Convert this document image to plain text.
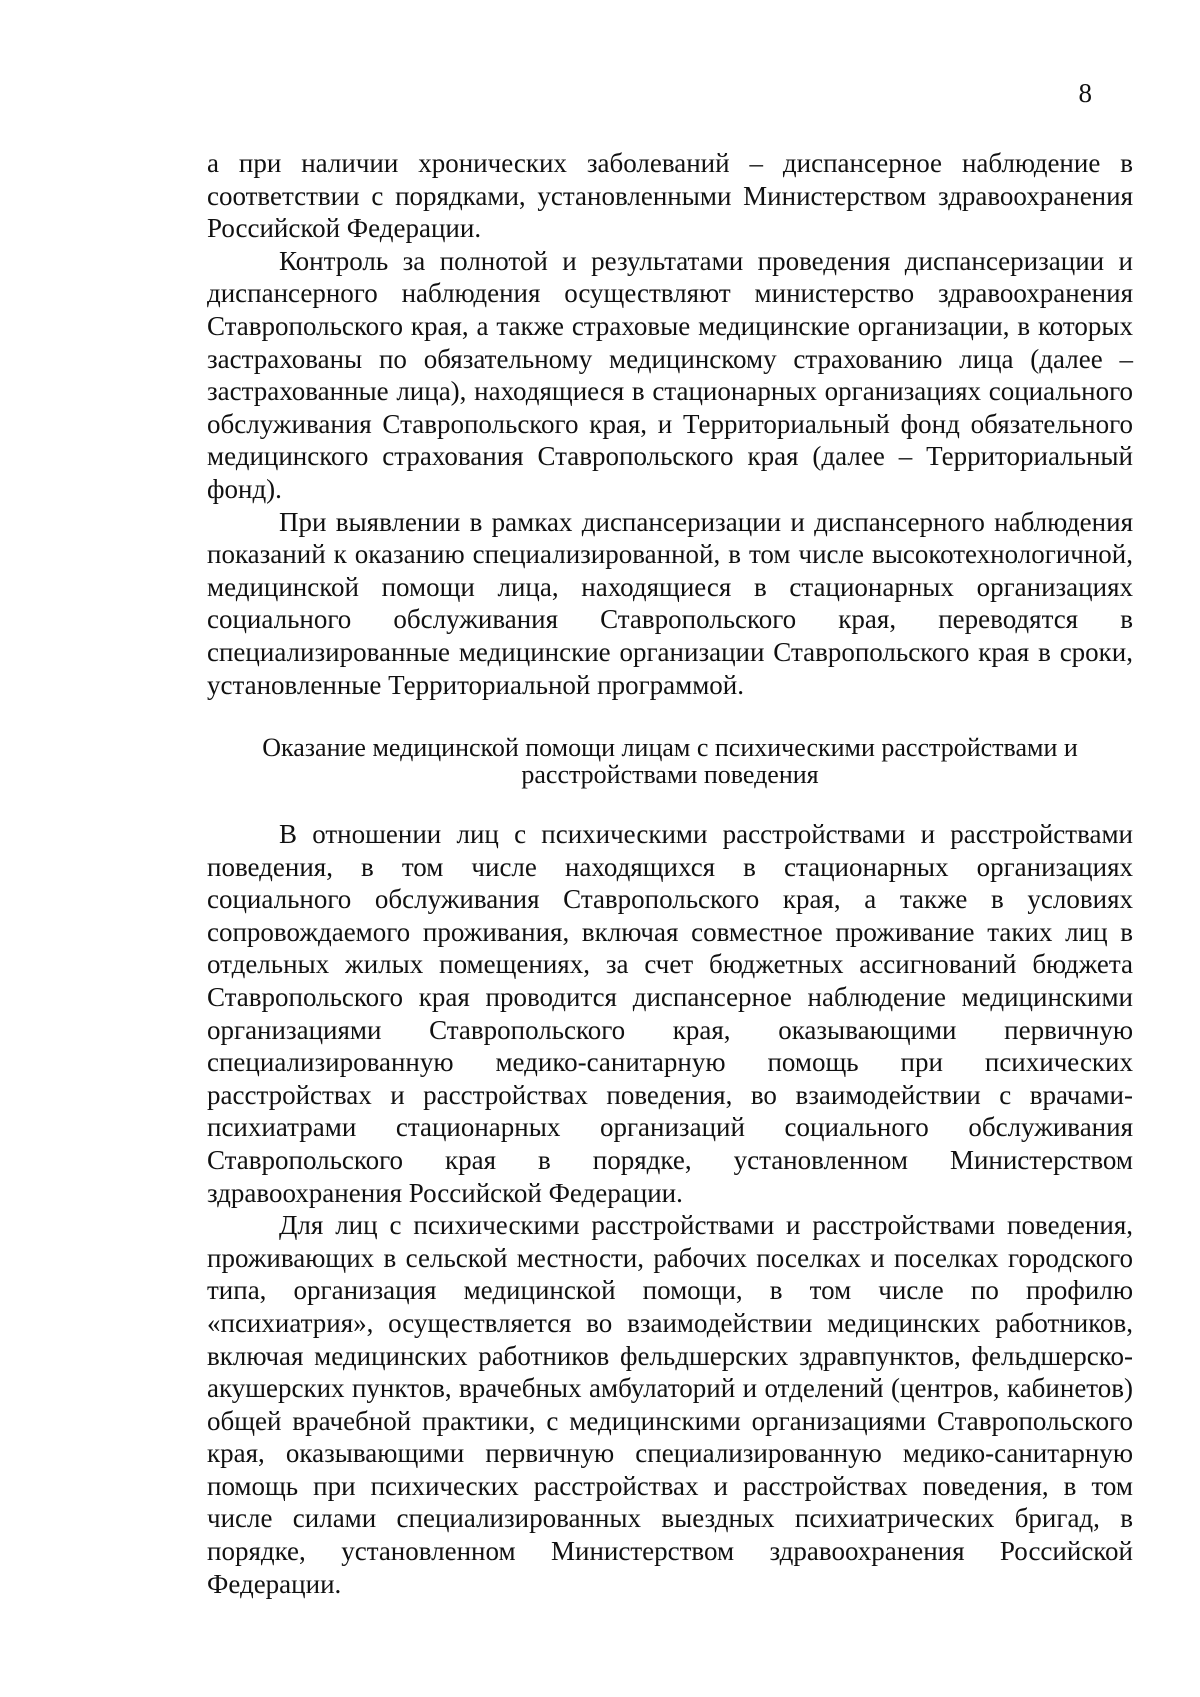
8

а при наличии хронических заболеваний – диспансерное наблюдение в соответствии с порядками, установленными Министерством здравоохранения Российской Федерации.

Контроль за полнотой и результатами проведения диспансеризации и диспансерного наблюдения осуществляют министерство здравоохранения Ставропольского края, а также страховые медицинские организации, в которых застрахованы по обязательному медицинскому страхованию лица (далее – застрахованные лица), находящиеся в стационарных организациях социального обслуживания Ставропольского края, и Территориальный фонд обязательного медицинского страхования Ставропольского края (далее – Территориальный фонд).

При выявлении в рамках диспансеризации и диспансерного наблюдения показаний к оказанию специализированной, в том числе высокотехнологичной, медицинской помощи лица, находящиеся в стационарных организациях социального обслуживания Ставропольского края, переводятся в специализированные медицинские организации Ставропольского края в сроки, установленные Территориальной программой.

Оказание медицинской помощи лицам с психическими расстройствами и расстройствами поведения

В отношении лиц с психическими расстройствами и расстройствами поведения, в том числе находящихся в стационарных организациях социального обслуживания Ставропольского края, а также в условиях сопровождаемого проживания, включая совместное проживание таких лиц в отдельных жилых помещениях, за счет бюджетных ассигнований бюджета Ставропольского края проводится диспансерное наблюдение медицинскими организациями Ставропольского края, оказывающими первичную специализированную медико-санитарную помощь при психических расстройствах и расстройствах поведения, во взаимодействии с врачами-психиатрами стационарных организаций социального обслуживания Ставропольского края в порядке, установленном Министерством здравоохранения Российской Федерации.

Для лиц с психическими расстройствами и расстройствами поведения, проживающих в сельской местности, рабочих поселках и поселках городского типа, организация медицинской помощи, в том числе по профилю «психиатрия», осуществляется во взаимодействии медицинских работников, включая медицинских работников фельдшерских здравпунктов, фельдшерско-акушерских пунктов, врачебных амбулаторий и отделений (центров, кабинетов) общей врачебной практики, с медицинскими организациями Ставропольского края, оказывающими первичную специализированную медико-санитарную помощь при психических расстройствах и расстройствах поведения, в том числе силами специализированных выездных психиатрических бригад, в порядке, установленном Министерством здравоохранения Российской Федерации.
